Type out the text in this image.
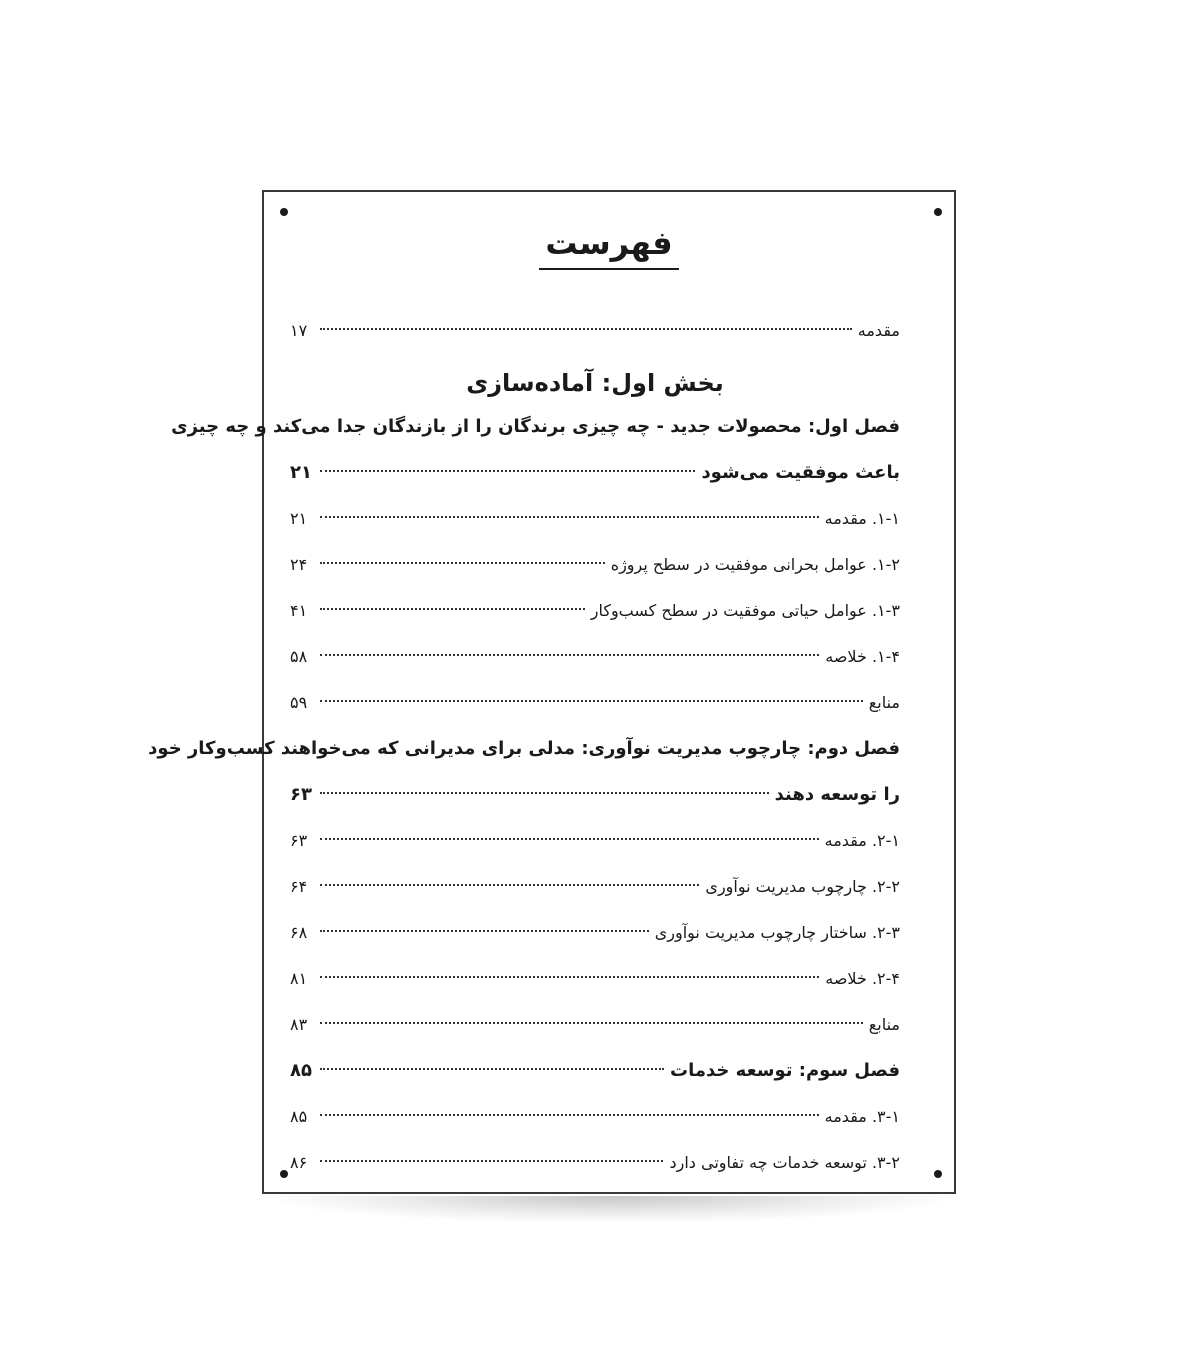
فهرست
مقدمه
۱۷
بخش اول: آماده‌سازی
فصل اول: محصولات جدید - چه چیزی برندگان را از بازندگان جدا می‌کند و چه چیزی
باعث موفقیت می‌شود
۲۱
۱-۱. مقدمه
۲۱
۱-۲. عوامل بحرانی موفقیت در سطح پروژه
۲۴
۱-۳. عوامل حیاتی موفقیت در سطح کسب‌وکار
۴۱
۱-۴. خلاصه
۵۸
منابع
۵۹
فصل دوم: چارچوب مدیریت نوآوری: مدلی برای مدیرانی که می‌خواهند کسب‌وکار خود
را توسعه دهند
۶۳
۲-۱. مقدمه
۶۳
۲-۲. چارچوب مدیریت نوآوری
۶۴
۲-۳. ساختار چارچوب مدیریت نوآوری
۶۸
۲-۴. خلاصه
۸۱
منابع
۸۳
فصل سوم: توسعه خدمات
۸۵
۳-۱. مقدمه
۸۵
۳-۲. توسعه خدمات چه تفاوتی دارد
۸۶
